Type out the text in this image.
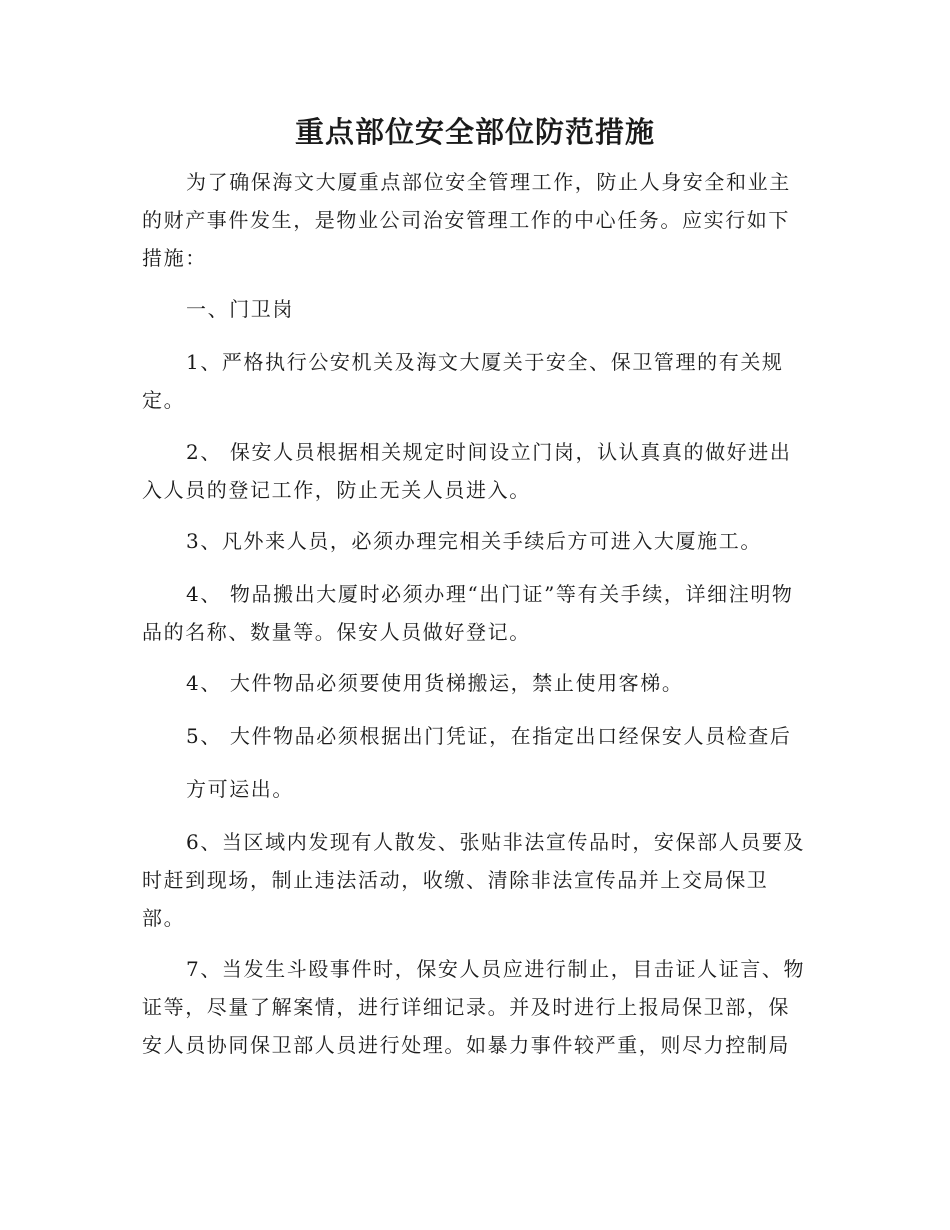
重点部位安全部位防范措施
为了确保海文大厦重点部位安全管理工作，防止人身安全和业主的财产事件发生，是物业公司治安管理工作的中心任务。应实行如下措施：
一、门卫岗
1、严格执行公安机关及海文大厦关于安全、保卫管理的有关规定。
2、 保安人员根据相关规定时间设立门岗，认认真真的做好进出入人员的登记工作，防止无关人员进入。
3、凡外来人员，必须办理完相关手续后方可进入大厦施工。
4、 物品搬出大厦时必须办理“出门证”等有关手续，详细注明物品的名称、数量等。保安人员做好登记。
4、 大件物品必须要使用货梯搬运，禁止使用客梯。
5、 大件物品必须根据出门凭证，在指定出口经保安人员检查后
方可运出。
6、当区域内发现有人散发、张贴非法宣传品时，安保部人员要及时赶到现场，制止违法活动，收缴、清除非法宣传品并上交局保卫部。
7、当发生斗殴事件时，保安人员应进行制止，目击证人证言、物证等，尽量了解案情，进行详细记录。并及时进行上报局保卫部，保安人员协同保卫部人员进行处理。如暴力事件较严重，则尽力控制局
